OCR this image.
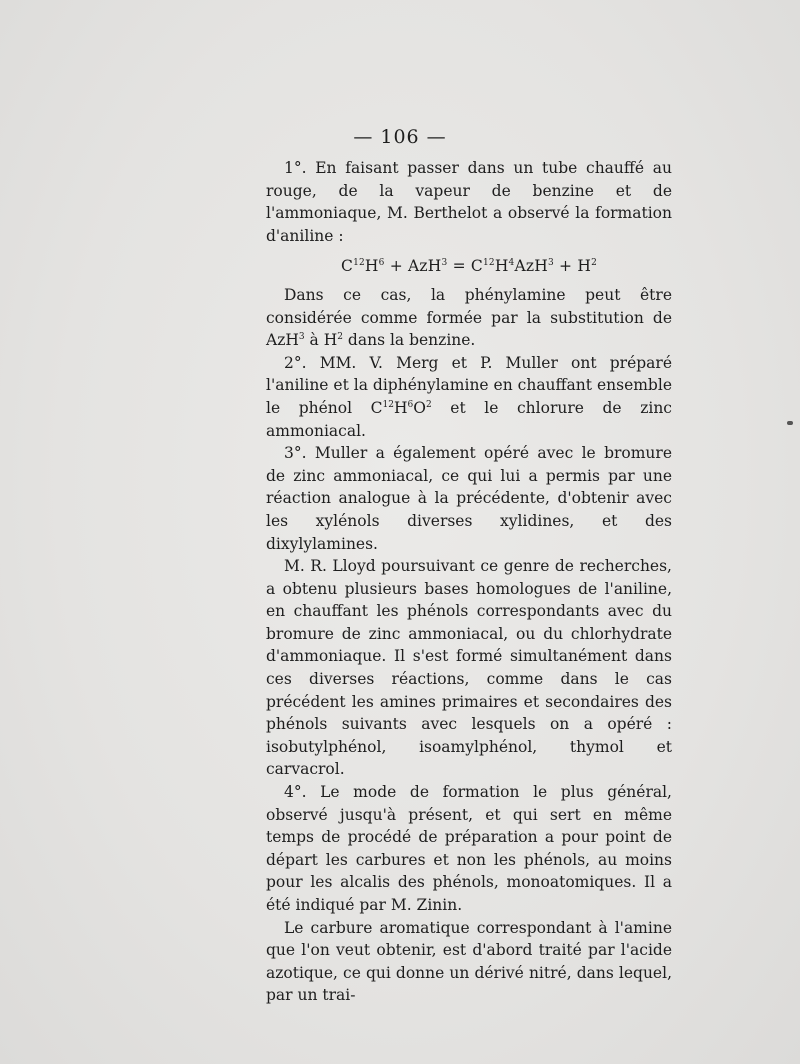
— 106 —

1°. En faisant passer dans un tube chauffé au rouge, de la vapeur de benzine et de l'ammoniaque, M. Berthelot a observé la formation d'aniline :

$C^{12}H^6 + AzH^3 = C^{12}H^4AzH^3 + H^2$

Dans ce cas, la phénylamine peut être considérée comme formée par la substitution de AzH$^3$ à $H^2$ dans la benzine.

2°. MM. V. Merg et P. Muller ont préparé l'aniline et la diphénylamine en chauffant ensemble le phénol $C^{12}H^6O^2$ et le chlorure de zinc ammoniacal.

3°. Muller a également opéré avec le bromure de zinc ammoniacal, ce qui lui a permis par une réaction analogue à la précédente, d'obtenir avec les xylénols diverses xylidines, et des dixylylamines.

M. R. Lloyd poursuivant ce genre de recherches, a obtenu plusieurs bases homologues de l'aniline, en chauffant les phénols correspondants avec du bromure de zinc ammoniacal, ou du chlorhydrate d'ammoniaque. Il s'est formé simultanément dans ces diverses réactions, comme dans le cas précédent les amines primaires et secondaires des phénols suivants avec lesquels on a opéré : isobutylphénol, isoamylphénol, thymol et carvacrol.

4°. Le mode de formation le plus général, observé jusqu'à présent, et qui sert en même temps de procédé de préparation a pour point de départ les carbures et non les phénols, au moins pour les alcalis des phénols, monoatomiques. Il a été indiqué par M. Zinin.

Le carbure aromatique correspondant à l'amine que l'on veut obtenir, est d'abord traité par l'acide azotique, ce qui donne un dérivé nitré, dans lequel, par un trai-
